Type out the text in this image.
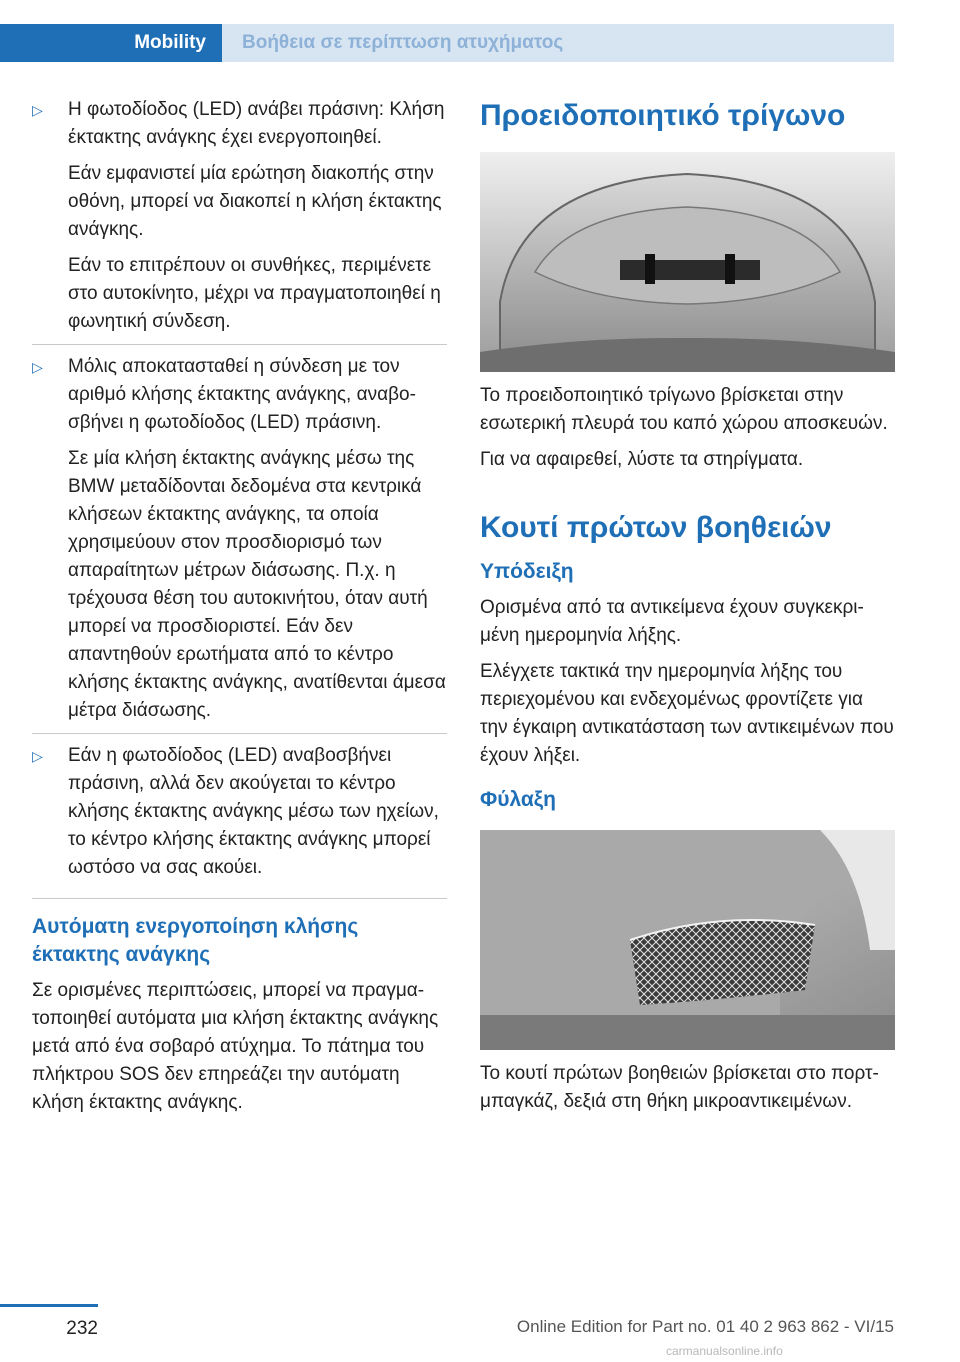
Mobility	Βοήθεια σε περίπτωση ατυχήματος
▷	Η φωτοδίοδος (LED) ανάβει πράσινη: Κλήση έκτακτης ανάγκης έχει ενεργοποιηθεί.

Εάν εμφανιστεί μία ερώτηση διακοπής στην οθόνη, μπορεί να διακοπεί η κλήση έκτακτης ανάγκης.

Εάν το επιτρέπουν οι συνθήκες, περιμένετε στο αυτοκίνητο, μέχρι να πραγματοποιηθεί η φωνητική σύνδεση.

▷	Μόλις αποκατασταθεί η σύνδεση με τον αριθμό κλήσης έκτακτης ανάγκης, αναβοσβήνει η φωτοδίοδος (LED) πράσινη.

Σε μία κλήση έκτακτης ανάγκης μέσω της BMW μεταδίδονται δεδομένα στα κεντρικά κλήσεων έκτακτης ανάγκης, τα οποία χρησιμεύουν στον προσδιορισμό των απαραίτητων μέτρων διάσωσης. Π.χ. η τρέχουσα θέση του αυτοκινήτου, όταν αυτή μπορεί να προσδιοριστεί. Εάν δεν απαντηθούν ερωτήματα από το κέντρο κλήσης έκτακτης ανάγκης, ανατίθενται άμεσα μέτρα διάσωσης.

▷	Εάν η φωτοδίοδος (LED) αναβοσβήνει πράσινη, αλλά δεν ακούγεται το κέντρο κλήσης έκτακτης ανάγκης μέσω των ηχείων, το κέντρο κλήσης έκτακτης ανάγκης μπορεί ωστόσο να σας ακούει.

Αυτόματη ενεργοποίηση κλήσης έκτακτης ανάγκης

Σε ορισμένες περιπτώσεις, μπορεί να πραγματοποιηθεί αυτόματα μια κλήση έκτακτης ανάγκης μετά από ένα σοβαρό ατύχημα. Το πάτημα του πλήκτρου SOS δεν επηρεάζει την αυτόματη κλήση έκτακτης ανάγκης.

Προειδοποιητικό τρίγωνο

Το προειδοποιητικό τρίγωνο βρίσκεται στην εσωτερική πλευρά του καπό χώρου αποσκευών.

Για να αφαιρεθεί, λύστε τα στηρίγματα.

Κουτί πρώτων βοηθειών
Υπόδειξη

Ορισμένα από τα αντικείμενα έχουν συγκεκριμένη ημερομηνία λήξης.

Ελέγχετε τακτικά την ημερομηνία λήξης του περιεχομένου και ενδεχομένως φροντίζετε για την έγκαιρη αντικατάσταση των αντικειμένων που έχουν λήξει.

Φύλαξη

Το κουτί πρώτων βοηθειών βρίσκεται στο πορτ-μπαγκάζ, δεξιά στη θήκη μικροαντικειμένων.

232	Online Edition for Part no. 01 40 2 963 862 - VI/15
carmanualsonline.info
